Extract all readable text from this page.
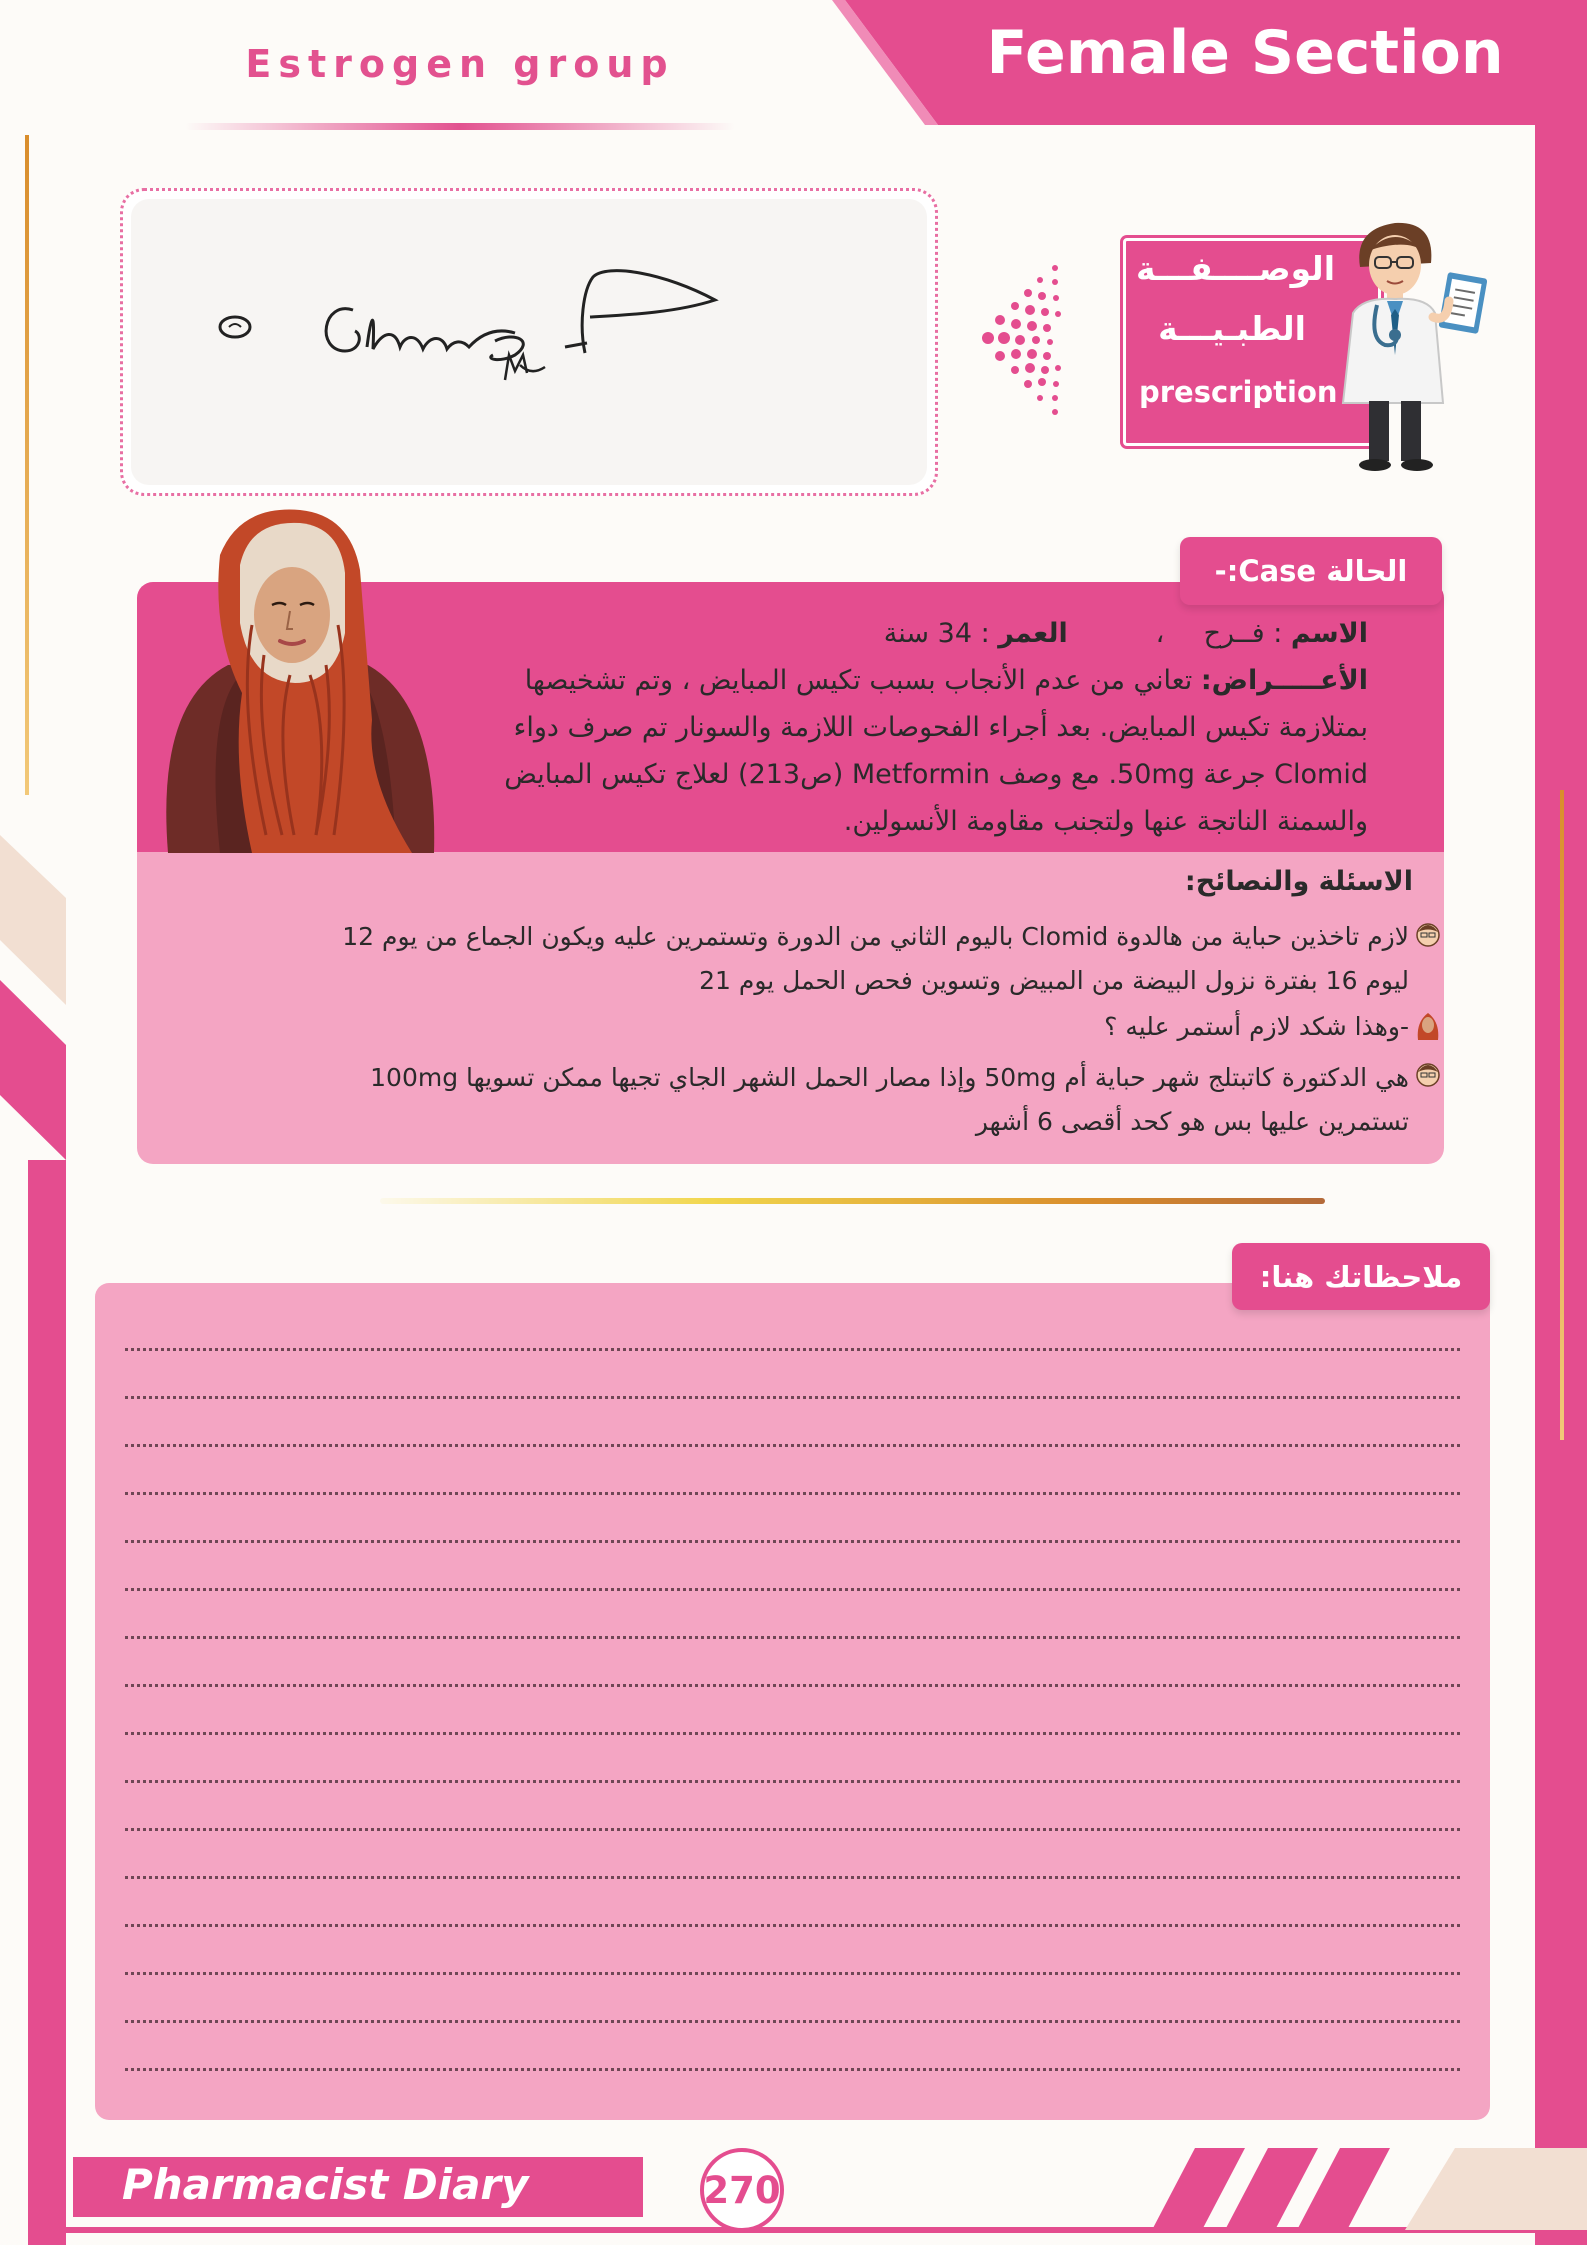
Estrogen group	Female Section
الوصــــفـــة
الطبـيـــة
prescription
الحالة Case:-
الاسم : فــرح ،  العمر : 34 سنة
الأعـــــراض: تعاني من عدم الأنجاب بسبب تكيس المبايض ، وتم تشخيصها
بمتلازمة تكيس المبايض. بعد أجراء الفحوصات اللازمة والسونار تم صرف دواء
Clomid جرعة 50mg. مع وصف Metformin (ص213) لعلاج تكيس المبايض
والسمنة الناتجة عنها ولتجنب مقاومة الأنسولين.
الاسئلة والنصائح:
لازم تاخذين حباية من هالدوة Clomid باليوم الثاني من الدورة وتستمرين عليه ويكون الجماع من يوم 12
ليوم 16 بفترة نزول البيضة من المبيض وتسوين فحص الحمل يوم 21
-وهذا شكد لازم أستمر عليه ؟
هي الدكتورة كاتبتلج شهر حباية أم 50mg وإذا مصار الحمل الشهر الجاي تجيها ممكن تسويها 100mg
تستمرين عليها بس هو كحد أقصى 6 أشهر
ملاحظاتك هنا:
Pharmacist Diary	270
